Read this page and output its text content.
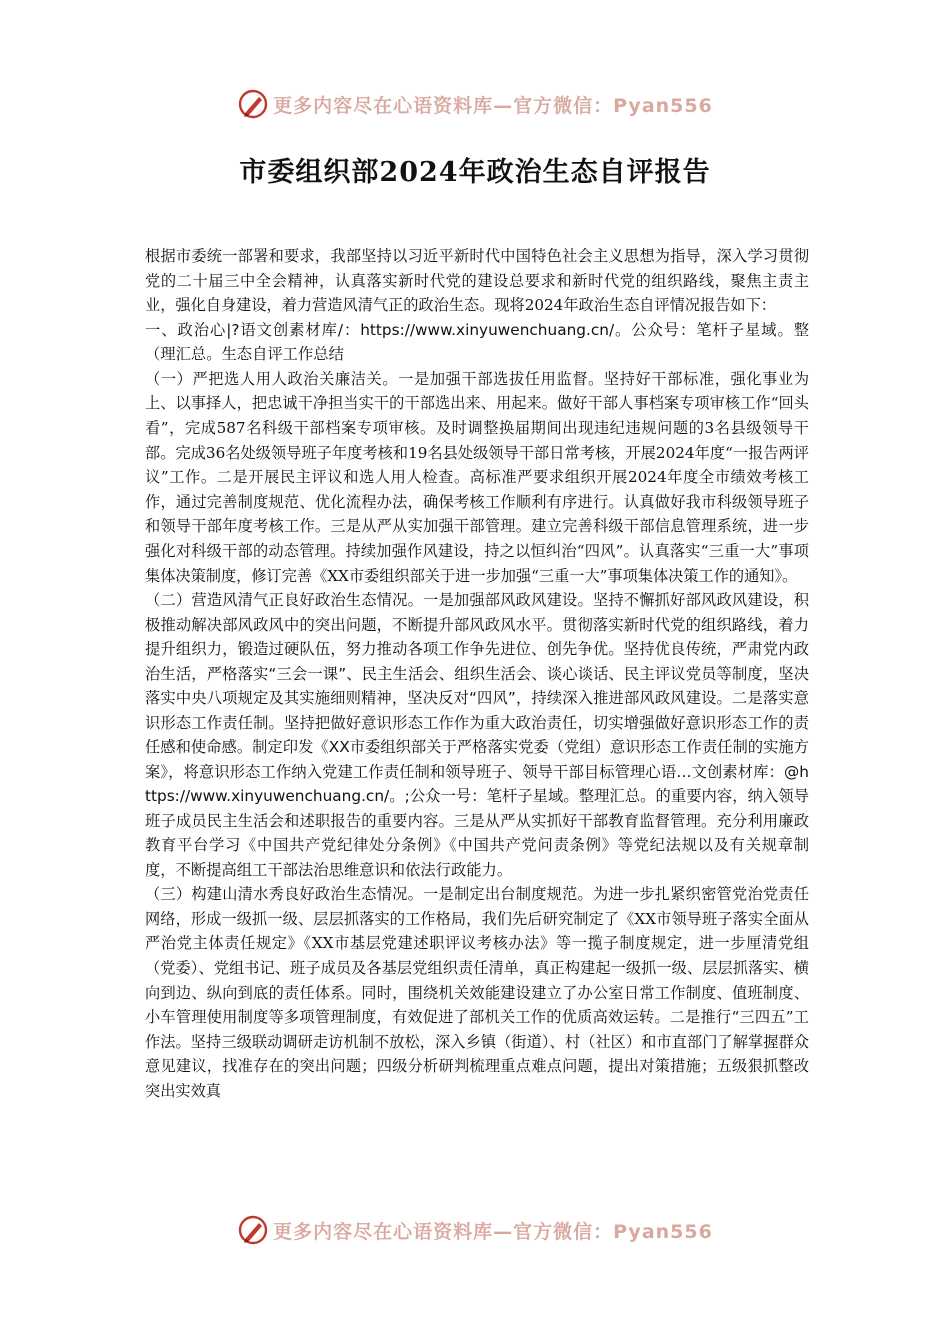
更多内容尽在心语资料库—官方微信：Pyan556
市委组织部2024年政治生态自评报告

根据市委统一部署和要求，我部坚持以习近平新时代中国特色社会主义思想为指导，深入学习贯彻党的二十届三中全会精神，认真落实新时代党的建设总要求和新时代党的组织路线，聚焦主责主业，强化自身建设，着力营造风清气正的政治生态。现将2024年政治生态自评情况报告如下：

一、政治心|?语文创素材库/：https://www.xinyuwenchuang.cn/。公众号：笔杆子星域。整（理汇总。生态自评工作总结

（一）严把选人用人政治关廉洁关。一是加强干部选拔任用监督。坚持好干部标准，强化事业为上、以事择人，把忠诚干净担当实干的干部选出来、用起来。做好干部人事档案专项审核工作“回头看”，完成587名科级干部档案专项审核。及时调整换届期间出现违纪违规问题的3名县级领导干部。完成36名处级领导班子年度考核和19名县处级领导干部日常考核，开展2024年度“一报告两评议”工作。二是开展民主评议和选人用人检查。高标准严要求组织开展2024年度全市绩效考核工作，通过完善制度规范、优化流程办法，确保考核工作顺利有序进行。认真做好我市科级领导班子和领导干部年度考核工作。三是从严从实加强干部管理。建立完善科级干部信息管理系统，进一步强化对科级干部的动态管理。持续加强作风建设，持之以恒纠治“四风”。认真落实“三重一大”事项集体决策制度，修订完善《XX市委组织部关于进一步加强“三重一大”事项集体决策工作的通知》。

（二）营造风清气正良好政治生态情况。一是加强部风政风建设。坚持不懈抓好部风政风建设，积极推动解决部风政风中的突出问题，不断提升部风政风水平。贯彻落实新时代党的组织路线，着力提升组织力，锻造过硬队伍，努力推动各项工作争先进位、创先争优。坚持优良传统，严肃党内政治生活，严格落实“三会一课”、民主生活会、组织生活会、谈心谈话、民主评议党员等制度，坚决落实中央八项规定及其实施细则精神，坚决反对“四风”，持续深入推进部风政风建设。二是落实意识形态工作责任制。坚持把做好意识形态工作作为重大政治责任，切实增强做好意识形态工作的责任感和使命感。制定印发《XX市委组织部关于严格落实党委（党组）意识形态工作责任制的实施方案》，将意识形态工作纳入党建工作责任制和领导班子、领导干部目标管理心语…文创素材库：@https://www.xinyuwenchuang.cn/。;公众一号：笔杆子星域。整理汇总。的重要内容，纳入领导班子成员民主生活会和述职报告的重要内容。三是从严从实抓好干部教育监督管理。充分利用廉政教育平台学习《中国共产党纪律处分条例》《中国共产党问责条例》等党纪法规以及有关规章制度，不断提高组工干部法治思维意识和依法行政能力。

（三）构建山清水秀良好政治生态情况。一是制定出台制度规范。为进一步扎紧织密管党治党责任网络，形成一级抓一级、层层抓落实的工作格局，我们先后研究制定了《XX市领导班子落实全面从严治党主体责任规定》《XX市基层党建述职评议考核办法》等一揽子制度规定，进一步厘清党组（党委）、党组书记、班子成员及各基层党组织责任清单，真正构建起一级抓一级、层层抓落实、横向到边、纵向到底的责任体系。同时，围绕机关效能建设建立了办公室日常工作制度、值班制度、小车管理使用制度等多项管理制度，有效促进了部机关工作的优质高效运转。二是推行“三四五”工作法。坚持三级联动调研走访机制不放松，深入乡镇（街道）、村（社区）和市直部门了解掌握群众意见建议，找准存在的突出问题；四级分析研判梳理重点难点问题，提出对策措施；五级狠抓整改突出实效真

更多内容尽在心语资料库—官方微信：Pyan556
